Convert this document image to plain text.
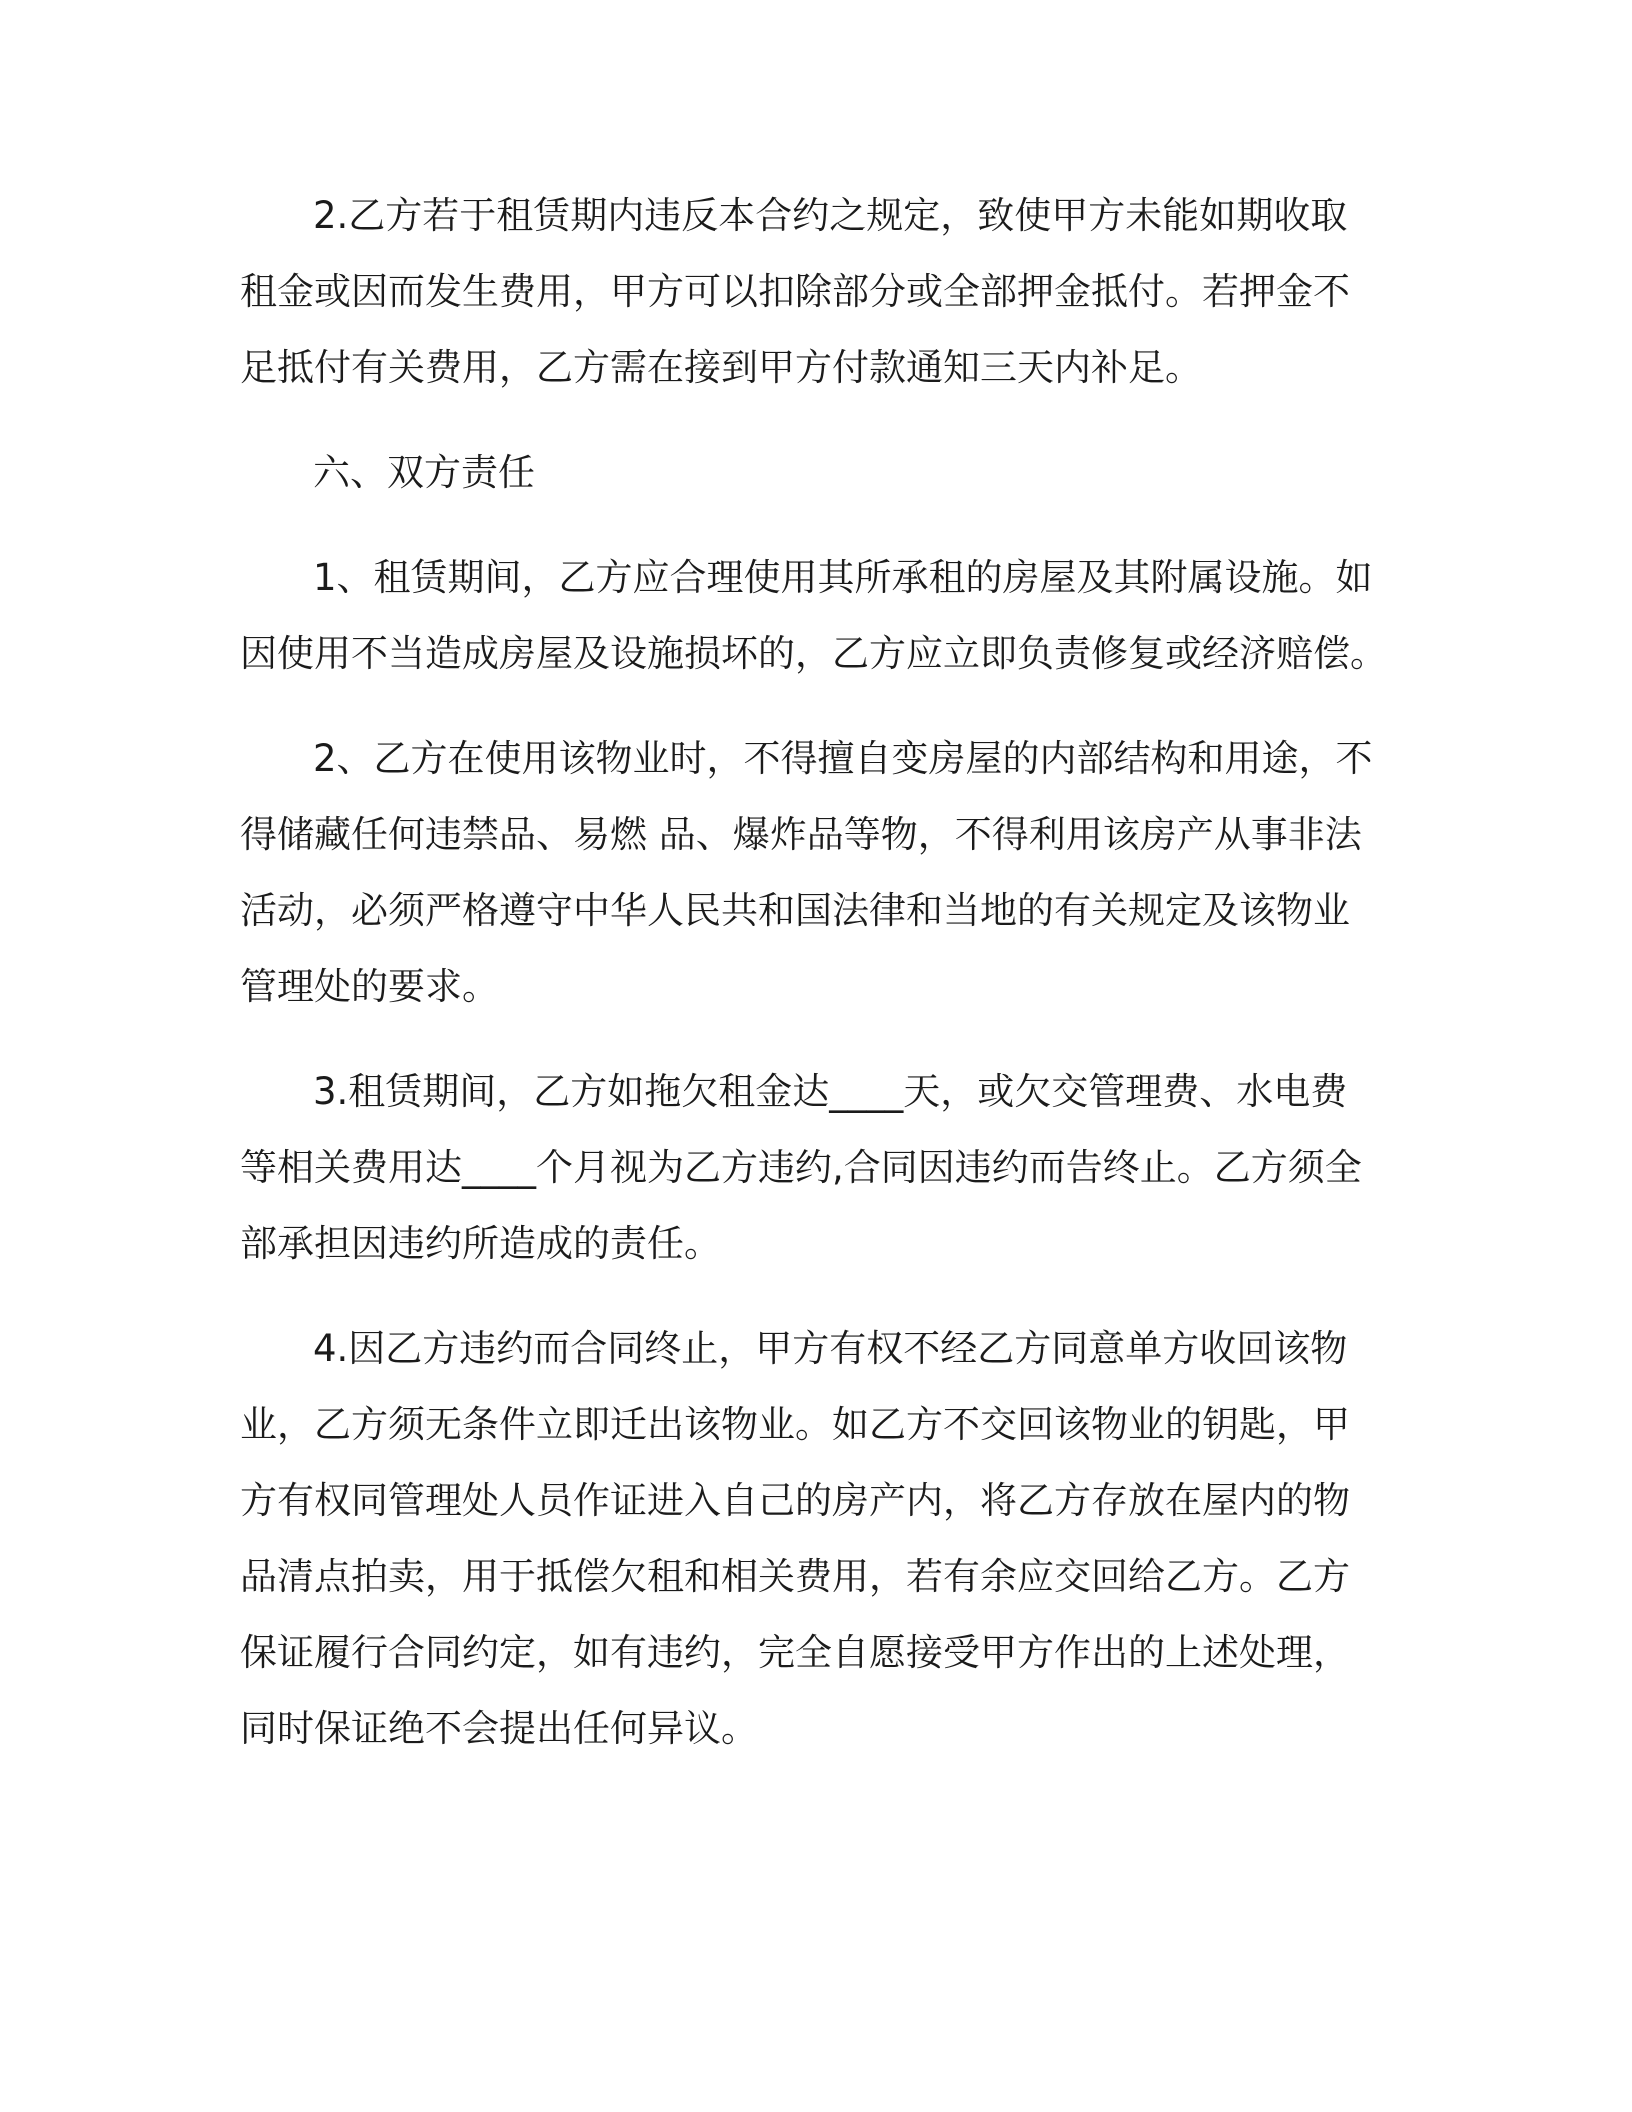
2.乙方若于租赁期内违反本合约之规定，致使甲方未能如期收取
租金或因而发生费用，甲方可以扣除部分或全部押金抵付。若押金不
足抵付有关费用，乙方需在接到甲方付款通知三天内补足。

六、双方责任

1、租赁期间，乙方应合理使用其所承租的房屋及其附属设施。如
因使用不当造成房屋及设施损坏的，乙方应立即负责修复或经济赔偿。

2、乙方在使用该物业时，不得擅自变房屋的内部结构和用途，不
得储藏任何违禁品、易燃 品、爆炸品等物，不得利用该房产从事非法
活动，必须严格遵守中华人民共和国法律和当地的有关规定及该物业
管理处的要求。

3.租赁期间，乙方如拖欠租金达____天，或欠交管理费、水电费
等相关费用达____个月视为乙方违约,合同因违约而告终止。乙方须全
部承担因违约所造成的责任。

4.因乙方违约而合同终止，甲方有权不经乙方同意单方收回该物
业，乙方须无条件立即迁出该物业。如乙方不交回该物业的钥匙，甲
方有权同管理处人员作证进入自己的房产内，将乙方存放在屋内的物
品清点拍卖，用于抵偿欠租和相关费用，若有余应交回给乙方。乙方
保证履行合同约定，如有违约，完全自愿接受甲方作出的上述处理，
同时保证绝不会提出任何异议。
